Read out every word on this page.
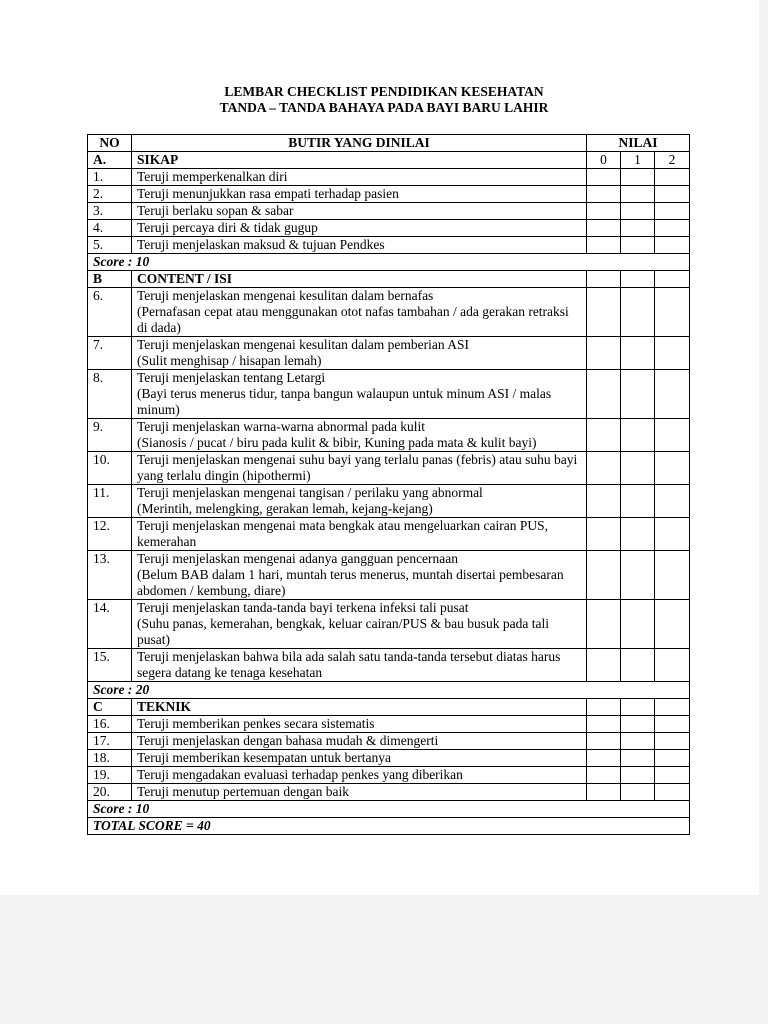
LEMBAR CHECKLIST PENDIDIKAN KESEHATAN
TANDA – TANDA BAHAYA PADA BAYI BARU LAHIR
NO	BUTIR YANG DINILAI	NILAI		
A.	SIKAP	0	1	2
1.	Teruji memperkenalkan diri			

2.	Teruji menunjukkan rasa empati terhadap pasien			

3.	Teruji berlaku sopan & sabar			

4.	Teruji percaya diri & tidak gugup			

5.	Teruji menjelaskan maksud & tujuan Pendkes			

Score : 10				
B	CONTENT / ISI			
6.	Teruji menjelaskan mengenai kesulitan dalam bernafas
(Pernafasan cepat atau menggunakan otot nafas tambahan / ada gerakan retraksi di dada)			

7.	Teruji menjelaskan mengenai kesulitan dalam pemberian ASI
(Sulit menghisap / hisapan lemah)			

8.	Teruji menjelaskan tentang Letargi
(Bayi terus menerus tidur, tanpa bangun walaupun untuk minum ASI / malas minum)			

9.	Teruji menjelaskan warna-warna abnormal pada kulit
(Sianosis / pucat / biru pada kulit & bibir, Kuning pada mata & kulit bayi)			

10.	Teruji menjelaskan mengenai suhu bayi yang terlalu panas (febris) atau suhu bayi yang terlalu dingin (hipothermi)			

11.	Teruji menjelaskan mengenai tangisan / perilaku yang abnormal
(Merintih, melengking, gerakan lemah, kejang-kejang)			

12.	Teruji menjelaskan mengenai mata bengkak atau mengeluarkan cairan PUS, kemerahan			

13.	Teruji menjelaskan mengenai adanya gangguan pencernaan
(Belum BAB dalam 1 hari, muntah terus menerus, muntah disertai pembesaran abdomen / kembung, diare)			

14.	Teruji menjelaskan tanda-tanda bayi terkena infeksi tali pusat
(Suhu panas, kemerahan, bengkak, keluar cairan/PUS & bau busuk pada tali pusat)			

15.	Teruji menjelaskan bahwa bila ada salah satu tanda-tanda tersebut diatas harus segera datang ke tenaga kesehatan			

Score : 20				
C	TEKNIK			
16.	Teruji memberikan penkes secara sistematis			

17.	Teruji menjelaskan dengan bahasa mudah & dimengerti			

18.	Teruji memberikan kesempatan untuk bertanya			

19.	Teruji mengadakan evaluasi terhadap penkes yang diberikan			

20.	Teruji menutup pertemuan dengan baik			

Score : 10				
TOTAL SCORE = 40				
